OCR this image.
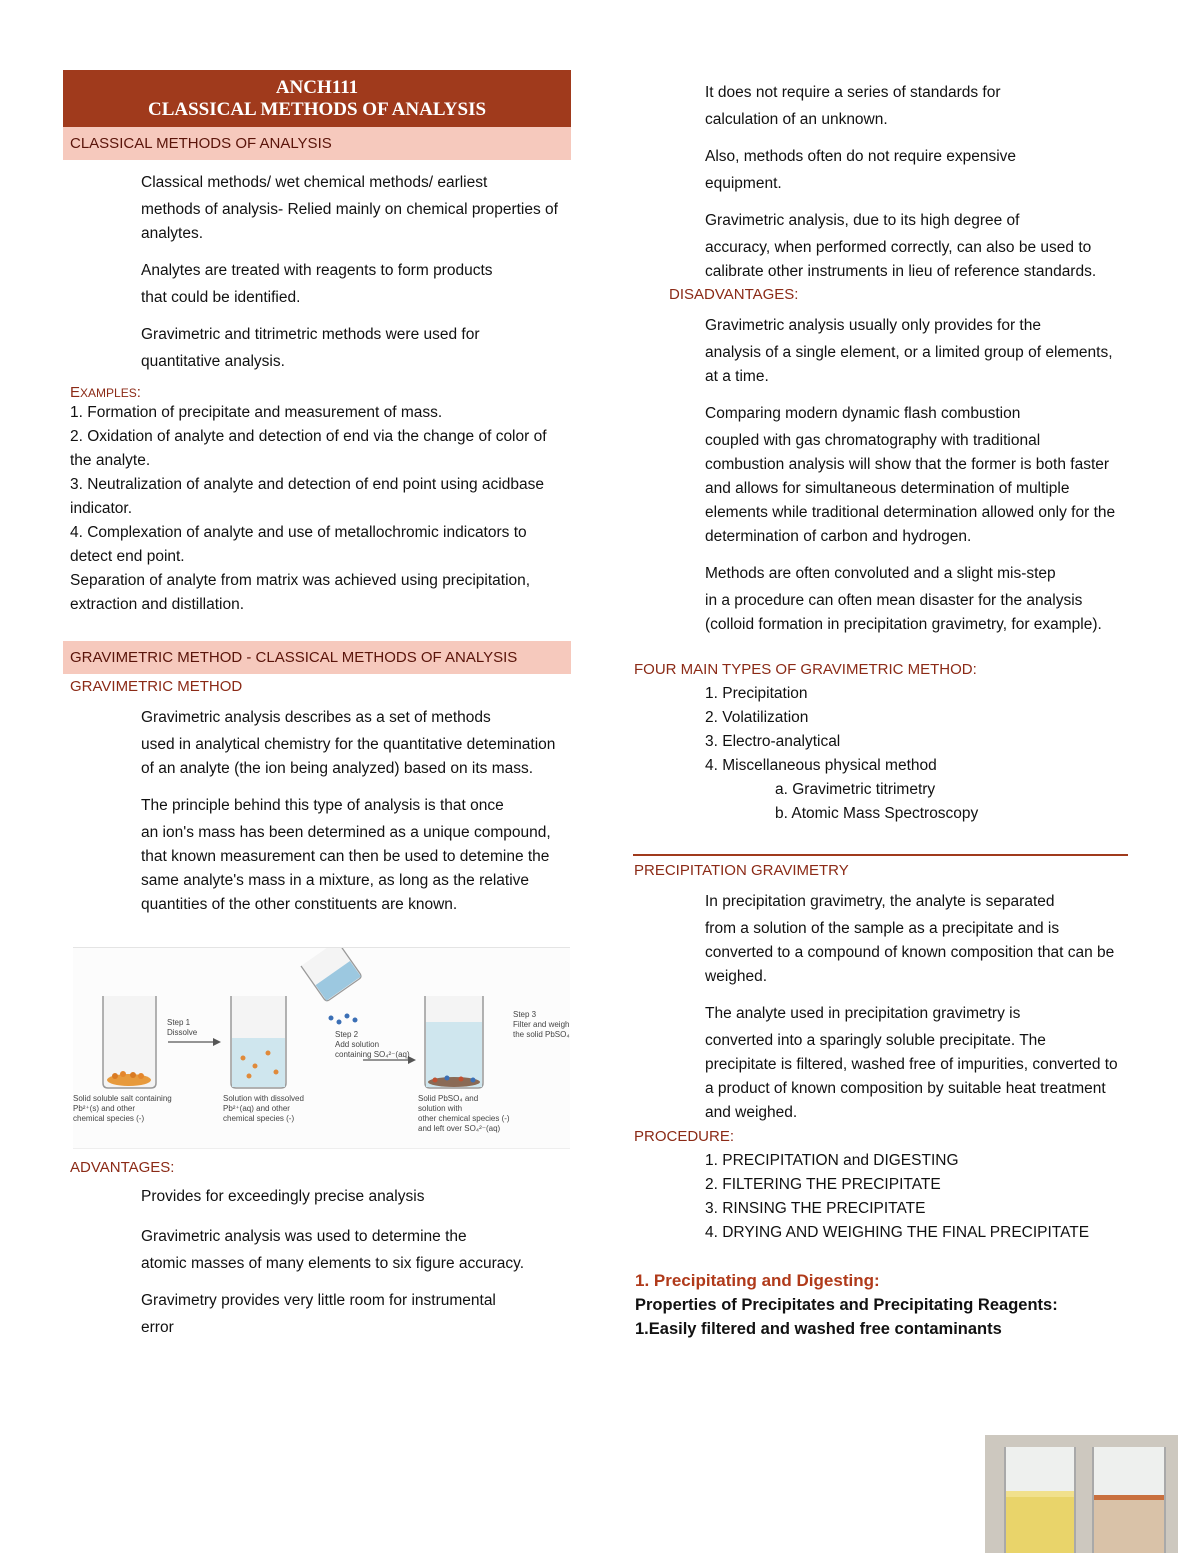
ANCH111
CLASSICAL METHODS OF ANALYSIS
CLASSICAL METHODS OF ANALYSIS
Classical methods/ wet chemical methods/ earliest
methods of analysis- Relied mainly on chemical properties of analytes.
Analytes are treated with reagents to form products
that could be identified.
Gravimetric and titrimetric methods were used for
quantitative analysis.
EXAMPLES:
1. Formation of precipitate and measurement of mass.
2. Oxidation of analyte and detection of end via the change of color of the analyte.
3. Neutralization of analyte and detection of end point using acidbase indicator.
4. Complexation of analyte and use of metallochromic indicators to detect end point.
Separation of analyte from matrix was achieved using precipitation, extraction and distillation.
GRAVIMETRIC METHOD - CLASSICAL METHODS OF ANALYSIS
GRAVIMETRIC METHOD
Gravimetric analysis describes as a set of methods
used in analytical chemistry for the quantitative detemination of an analyte (the ion being analyzed) based on its mass.
The principle behind this type of analysis is that once
an ion's mass has been determined as a unique compound, that known measurement can then be used to detemine the same analyte's mass in a mixture, as long as the relative quantities of the other constituents are known.
Step 1
Dissolve	Step 2
Add solution
containing SO₄²⁻(aq)
Step 3
Filter and weigh
the solid PbSO₄
Solid soluble salt containing
Pb²⁺(s) and other
chemical species (-)
Solution with dissolved
Pb²⁺(aq) and other
chemical species (-)
Solid PbSO₄ and
solution with
other chemical species (-)
and left over SO₄²⁻(aq)
ADVANTAGES:
Provides for exceedingly precise analysis
Gravimetric analysis was used to determine the
atomic masses of many elements to six figure accuracy.
Gravimetry provides very little room for instrumental
error
It does not require a series of standards for
calculation of an unknown.
Also, methods often do not require expensive
equipment.
Gravimetric analysis, due to its high degree of
accuracy, when performed correctly, can also be used to calibrate other instruments in lieu of reference standards.
DISADVANTAGES:
Gravimetric analysis usually only provides for the
analysis of a single element, or a limited group of elements, at a time.
Comparing modern dynamic flash combustion
coupled with gas chromatography with traditional combustion analysis will show that the former is both faster and allows for simultaneous determination of multiple elements while traditional determination allowed only for the determination of carbon and hydrogen.
Methods are often convoluted and a slight mis-step
in a procedure can often mean disaster for the analysis (colloid formation in precipitation gravimetry, for example).
FOUR MAIN TYPES OF GRAVIMETRIC METHOD:
1. Precipitation
2. Volatilization
3. Electro-analytical
4. Miscellaneous physical method
a. Gravimetric titrimetry
b. Atomic Mass Spectroscopy
PRECIPITATION GRAVIMETRY
In precipitation gravimetry, the analyte is separated
from a solution of the sample as a precipitate and is converted to a compound of known composition that can be weighed.
The analyte used in precipitation gravimetry is
converted into a sparingly soluble precipitate. The precipitate is filtered, washed free of impurities, converted to a product of known composition by suitable heat treatment and weighed.
PROCEDURE:
1. PRECIPITATION and DIGESTING
2. FILTERING THE PRECIPITATE
3. RINSING THE PRECIPITATE
4. DRYING AND WEIGHING THE FINAL PRECIPITATE
1. Precipitating and Digesting:
Properties of Precipitates and Precipitating Reagents:
1.Easily filtered and washed free contaminants
